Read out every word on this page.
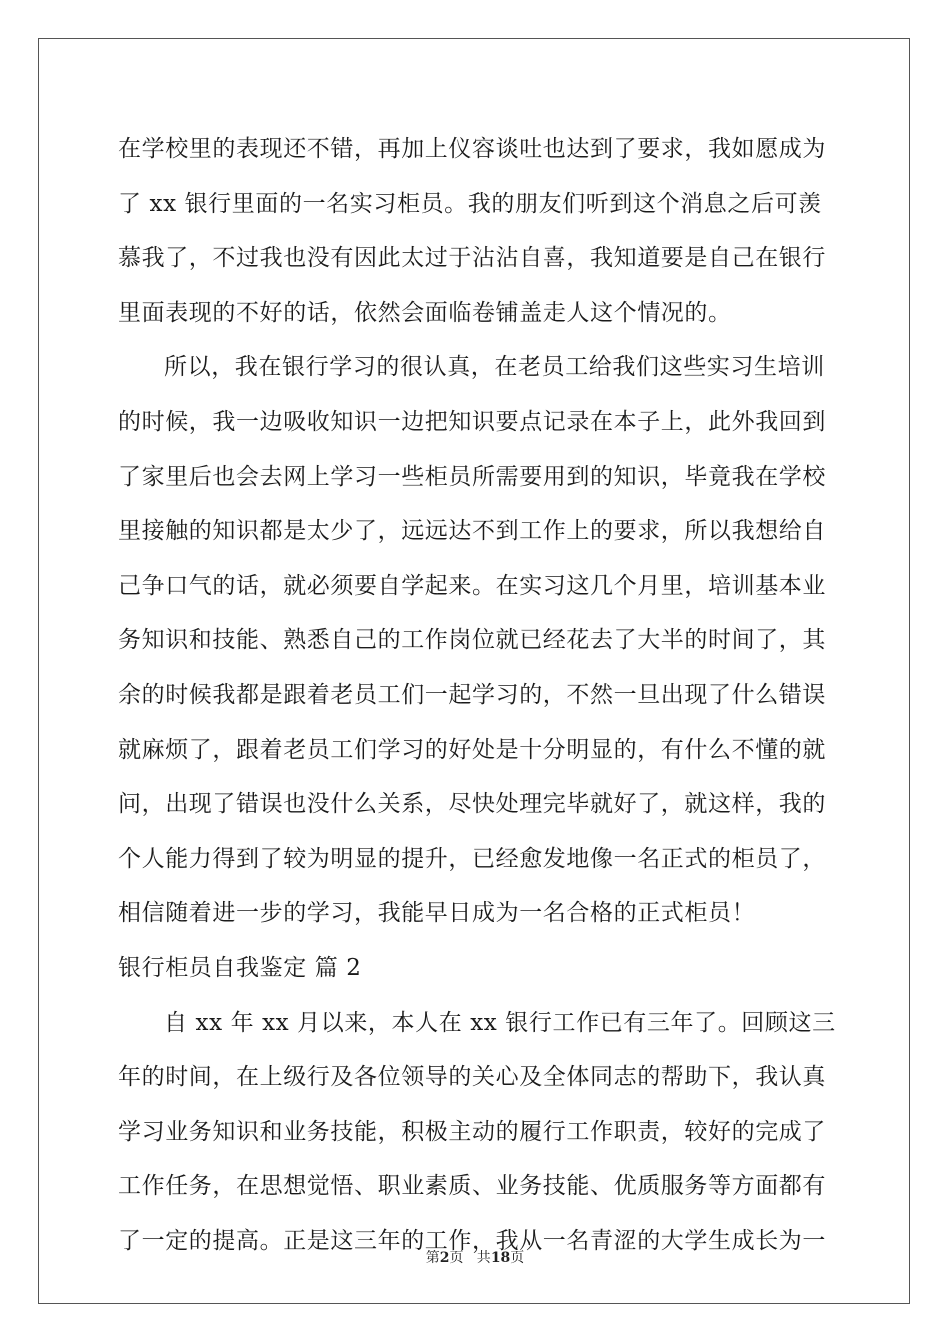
在学校里的表现还不错，再加上仪容谈吐也达到了要求，我如愿成为
了 xx 银行里面的一名实习柜员。我的朋友们听到这个消息之后可羡
慕我了，不过我也没有因此太过于沾沾自喜，我知道要是自己在银行
里面表现的不好的话，依然会面临卷铺盖走人这个情况的。
所以，我在银行学习的很认真，在老员工给我们这些实习生培训
的时候，我一边吸收知识一边把知识要点记录在本子上，此外我回到
了家里后也会去网上学习一些柜员所需要用到的知识，毕竟我在学校
里接触的知识都是太少了，远远达不到工作上的要求，所以我想给自
己争口气的话，就必须要自学起来。在实习这几个月里，培训基本业
务知识和技能、熟悉自己的工作岗位就已经花去了大半的时间了，其
余的时候我都是跟着老员工们一起学习的，不然一旦出现了什么错误
就麻烦了，跟着老员工们学习的好处是十分明显的，有什么不懂的就
问，出现了错误也没什么关系，尽快处理完毕就好了，就这样，我的
个人能力得到了较为明显的提升，已经愈发地像一名正式的柜员了，
相信随着进一步的学习，我能早日成为一名合格的正式柜员！
银行柜员自我鉴定 篇 2
自 xx 年 xx 月以来，本人在 xx 银行工作已有三年了。回顾这三
年的时间，在上级行及各位领导的关心及全体同志的帮助下，我认真
学习业务知识和业务技能，积极主动的履行工作职责，较好的完成了
工作任务，在思想觉悟、职业素质、业务技能、优质服务等方面都有
了一定的提高。正是这三年的工作，我从一名青涩的大学生成长为一
第2页   共18页
